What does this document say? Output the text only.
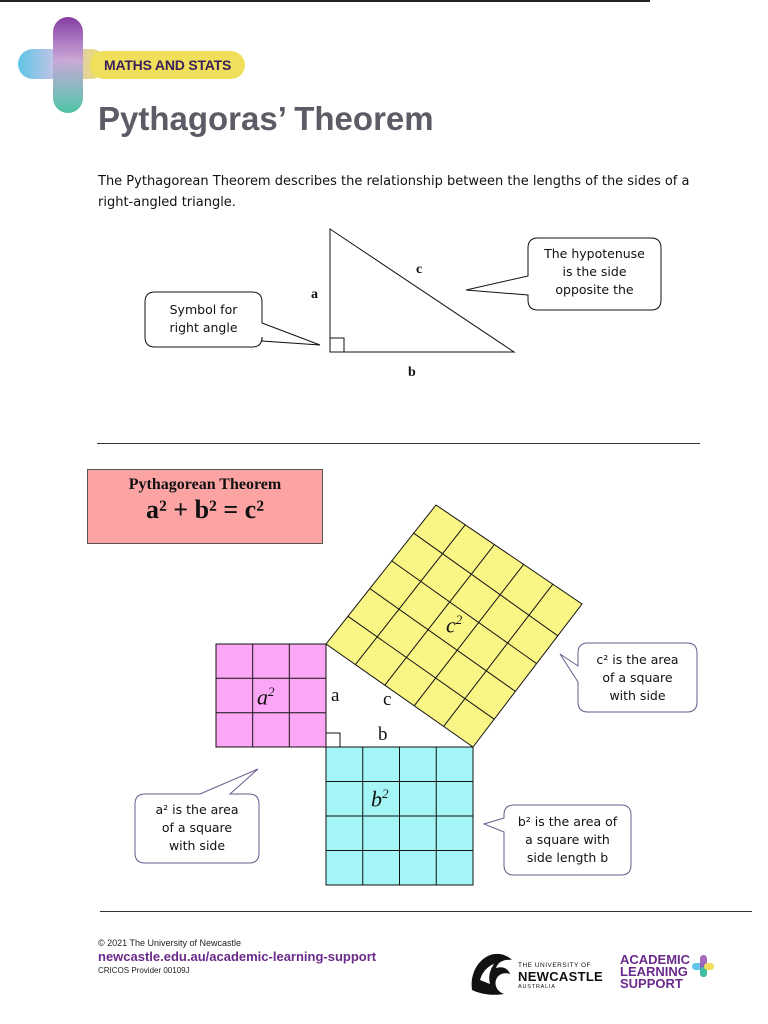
MATHS AND STATS
Pythagoras’ Theorem
The Pythagorean Theorem describes the relationship between the lengths of the sides of a right-angled triangle.
a
c
b
Symbol for
right angle
The hypotenuse
is the side
opposite the
Pythagorean Theorem
a² + b² = c²
$a^2$
$b^2$
$c^2$
a c
b
c² is the area
of a square
with side
a² is the area
of a square
with side
b² is the area of
a square with
side length b
© 2021 The University of Newcastle
newcastle.edu.au/academic-learning-support
CRICOS Provider 00109J
THE UNIVERSITY OF
NEWCASTLE
AUSTRALIA
ACADEMIC
LEARNING
SUPPORT
